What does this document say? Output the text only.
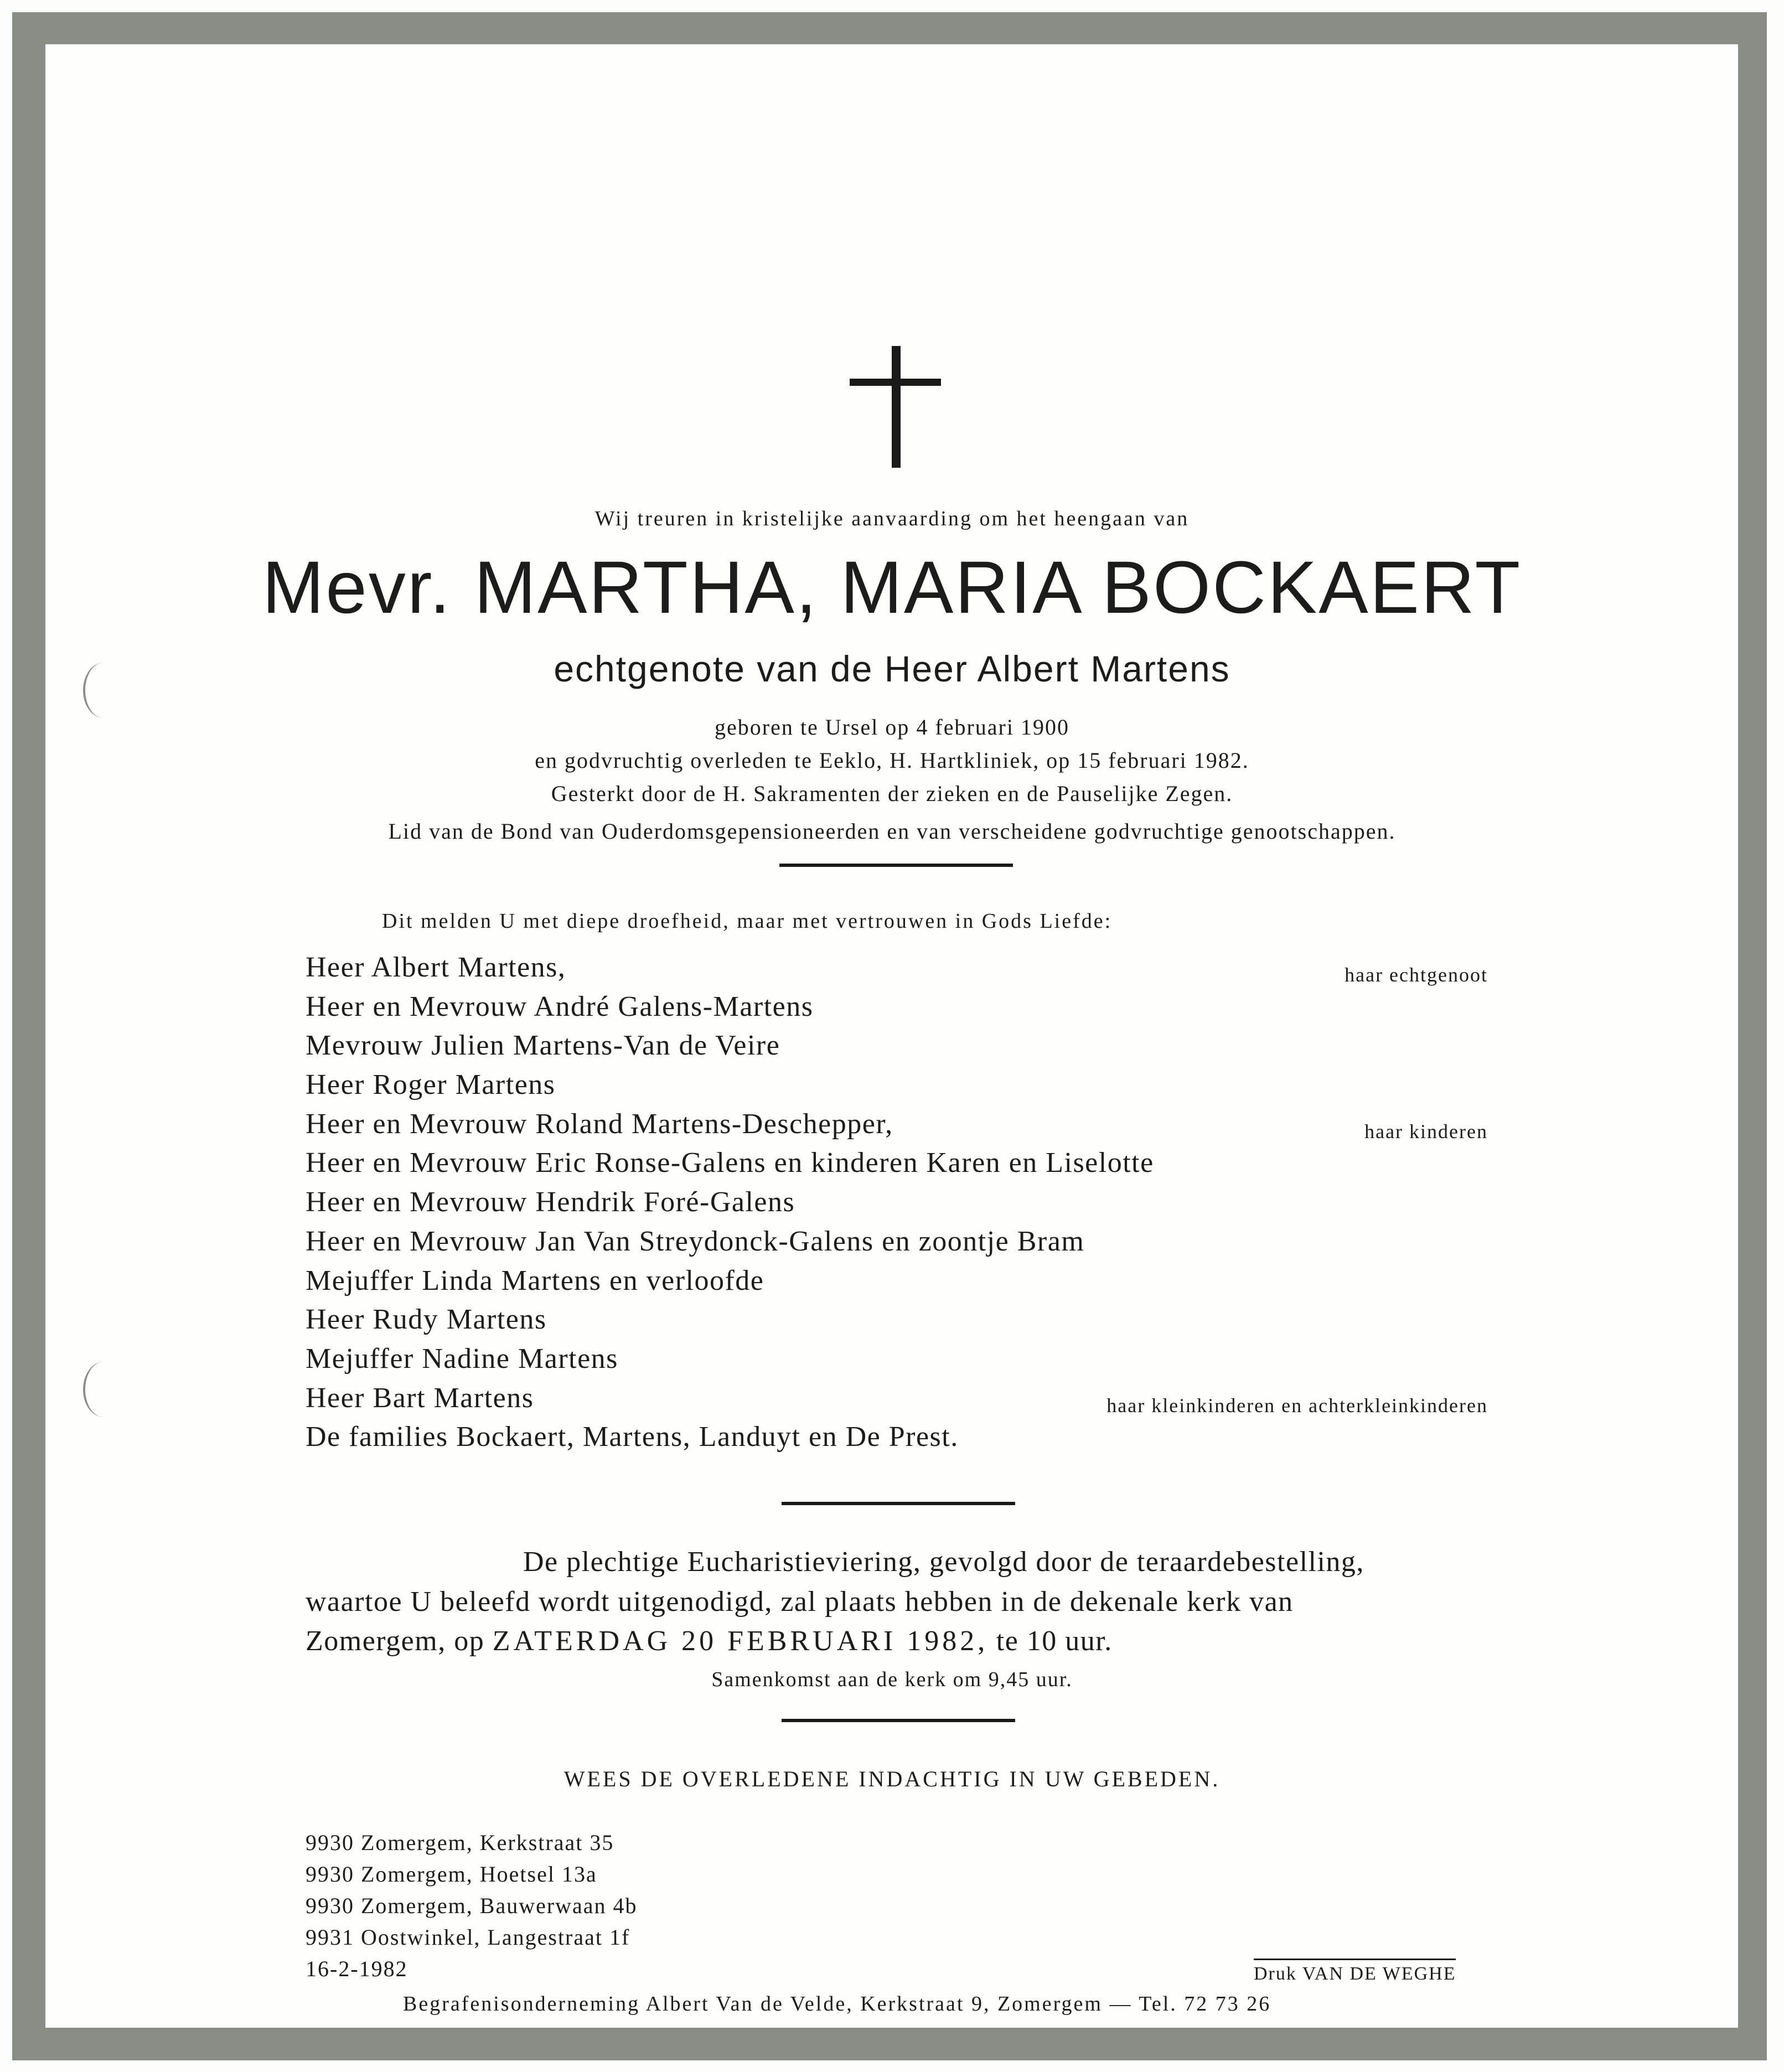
Wij treuren in kristelijke aanvaarding om het heengaan van
Mevr. MARTHA, MARIA BOCKAERT
echtgenote van de Heer Albert Martens
geboren te Ursel op 4 februari 1900
en godvruchtig overleden te Eeklo, H. Hartkliniek, op 15 februari 1982.
Gesterkt door de H. Sakramenten der zieken en de Pauselijke Zegen.
Lid van de Bond van Ouderdomsgepensioneerden en van verscheidene godvruchtige genootschappen.
Dit melden U met diepe droefheid, maar met vertrouwen in Gods Liefde:
Heer Albert Martens,	haar echtgenoot
Heer en Mevrouw André Galens-Martens
Mevrouw Julien Martens-Van de Veire
Heer Roger Martens
Heer en Mevrouw Roland Martens-Deschepper,	haar kinderen
Heer en Mevrouw Eric Ronse-Galens en kinderen Karen en Liselotte
Heer en Mevrouw Hendrik Foré-Galens
Heer en Mevrouw Jan Van Streydonck-Galens en zoontje Bram
Mejuffer Linda Martens en verloofde
Heer Rudy Martens
Mejuffer Nadine Martens
Heer Bart Martens	haar kleinkinderen en achterkleinkinderen
De families Bockaert, Martens, Landuyt en De Prest.
De plechtige Eucharistieviering, gevolgd door de teraardebestelling,
waartoe U beleefd wordt uitgenodigd, zal plaats hebben in de dekenale kerk van
Zomergem, op ZATERDAG 20 FEBRUARI 1982, te 10 uur.
Samenkomst aan de kerk om 9,45 uur.
WEES DE OVERLEDENE INDACHTIG IN UW GEBEDEN.
9930 Zomergem, Kerkstraat 35
9930 Zomergem, Hoetsel 13a
9930 Zomergem, Bauwerwaan 4b
9931 Oostwinkel, Langestraat 1f
16-2-1982	Druk VAN DE WEGHE
Begrafenisonderneming Albert Van de Velde, Kerkstraat 9, Zomergem — Tel. 72 73 26
